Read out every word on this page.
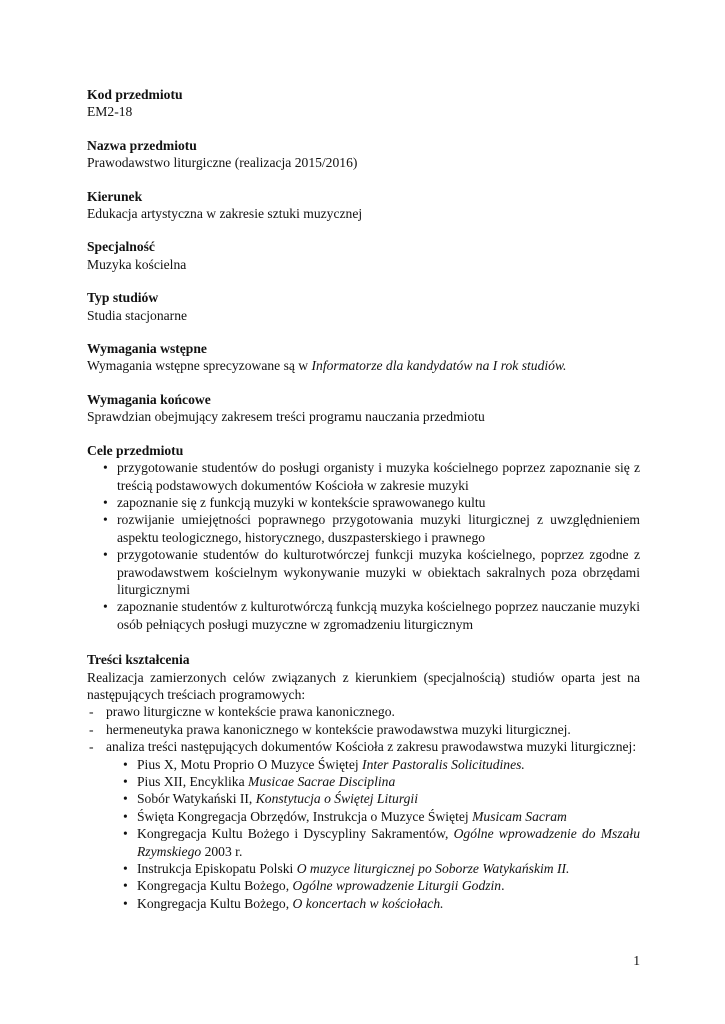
Kod przedmiotu
EM2-18
Nazwa przedmiotu
Prawodawstwo liturgiczne (realizacja 2015/2016)
Kierunek
Edukacja artystyczna w zakresie sztuki muzycznej
Specjalność
Muzyka kościelna
Typ studiów
Studia stacjonarne
Wymagania wstępne
Wymagania wstępne sprecyzowane są w Informatorze dla kandydatów na I rok studiów.
Wymagania końcowe
Sprawdzian obejmujący zakresem treści programu nauczania przedmiotu
Cele przedmiotu
• przygotowanie studentów do posługi organisty i muzyka kościelnego poprzez zapoznanie się z treścią podstawowych dokumentów Kościoła w zakresie muzyki
• zapoznanie się z funkcją muzyki w kontekście sprawowanego kultu
• rozwijanie umiejętności poprawnego przygotowania muzyki liturgicznej z uwzględnieniem aspektu teologicznego, historycznego, duszpasterskiego i prawnego
• przygotowanie studentów do kulturotwórczej funkcji muzyka kościelnego, poprzez zgodne z prawodawstwem kościelnym wykonywanie muzyki w obiektach sakralnych poza obrzędami liturgicznymi
• zapoznanie studentów z kulturotwórczą funkcją muzyka kościelnego poprzez nauczanie muzyki osób pełniących posługi muzyczne w zgromadzeniu liturgicznym
Treści kształcenia
Realizacja zamierzonych celów związanych z kierunkiem (specjalnością) studiów oparta jest na następujących treściach programowych:
- prawo liturgiczne w kontekście prawa kanonicznego.
- hermeneutyka prawa kanonicznego w kontekście prawodawstwa muzyki liturgicznej.
- analiza treści następujących dokumentów Kościoła z zakresu prawodawstwa muzyki liturgicznej:
• Pius X, Motu Proprio O Muzyce Świętej Inter Pastoralis Solicitudines.
• Pius XII, Encyklika Musicae Sacrae Disciplina
• Sobór Watykański II, Konstytucja o Świętej Liturgii
• Święta Kongregacja Obrzędów, Instrukcja o Muzyce Świętej Musicam Sacram
• Kongregacja Kultu Bożego i Dyscypliny Sakramentów, Ogólne wprowadzenie do Mszału Rzymskiego 2003 r.
• Instrukcja Episkopatu Polski O muzyce liturgicznej po Soborze Watykańskim II.
• Kongregacja Kultu Bożego, Ogólne wprowadzenie Liturgii Godzin.
• Kongregacja Kultu Bożego, O koncertach w kościołach.
1
